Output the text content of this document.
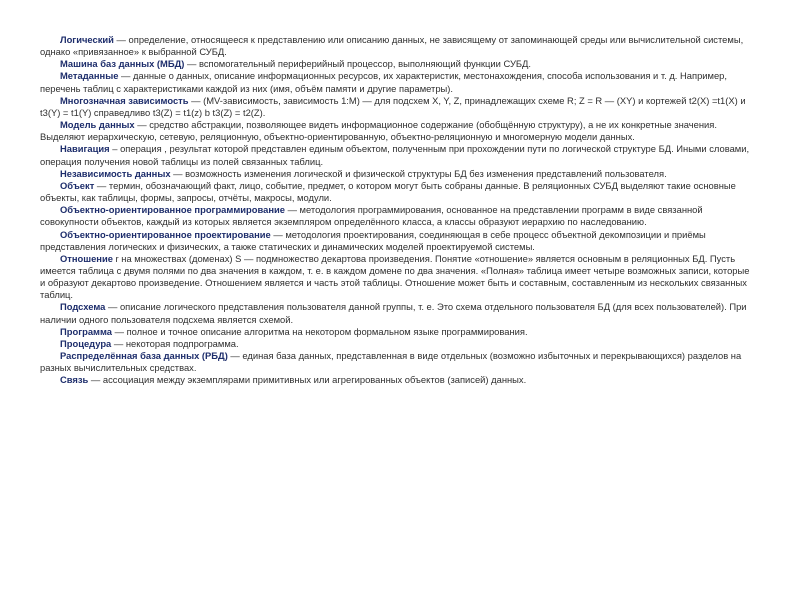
Логический — определение, относящееся к представлению или описанию данных, не зависящему от запоминающей среды или вычислительной системы, однако «привязанное» к выбранной СУБД.

Машина баз данных (МБД) — вспомогательный периферийный процессор, выполняющий функции СУБД.

Метаданные — данные о данных, описание информационных ресурсов, их характеристик, местонахождения, способа использования и т. д. Например, перечень таблиц с характеристиками каждой из них (имя, объём памяти и другие параметры).

Многозначная зависимость — (MV-зависимость, зависимость 1:M) — для подсхем X, Y, Z, принадлежащих схеме R; Z = R — (XY) и кортежей t2(X) =t1(X) и t3(Y) = t1(Y) справедливо t3(Z) = t1(z) b t3(Z) = t2(Z).

Модель данных — средство абстракции, позволяющее видеть информационное содержание (обобщённую структуру), а не их конкретные значения. Выделяют иерархическую, сетевую, реляционную, объектно-ориентированную, объектно-реляционную и многомерную модели данных.

Навигация – операция , результат которой представлен единым объектом, полученным при прохождении пути по логической структуре БД. Иными словами, операция получения новой таблицы из полей связанных таблиц.

Независимость данных — возможность изменения логической и физической структуры БД без изменения представлений пользователя.

Объект — термин, обозначающий факт, лицо, событие, предмет, о котором могут быть собраны данные. В реляционных СУБД выделяют такие основные объекты, как таблицы, формы, запросы, отчёты, макросы, модули.

Объектно-ориентированное программирование — методология программирования, основанное на представлении программ в виде связанной совокупности объектов, каждый из которых является экземпляром определённого класса, а классы образуют иерархию по наследованию.

Объектно-ориентированное проектирование — методология проектирования, соединяющая в себе процесс объектной декомпозиции и приёмы представления логических и физических, а также статических и динамических моделей проектируемой системы.

Отношение r на множествах (доменах) S — подмножество декартова произведения. Понятие «отношение» является основным в реляционных БД. Пусть имеется таблица с двумя полями по два значения в каждом, т. е. в каждом домене по два значения. «Полная» таблица имеет четыре возможных записи, которые и образуют декартово произведение. Отношением является и часть этой таблицы. Отношение может быть и составным, составленным из нескольких связанных таблиц.

Подсхема — описание логического представления пользователя данной группы, т. е. Это схема отдельного пользователя БД (для всех пользователей). При наличии одного пользователя подсхема является схемой.

Программа — полное и точное описание алгоритма на некотором формальном языке программирования.

Процедура — некоторая подпрограмма.

Распределённая база данных (РБД) — единая база данных, представленная в виде отдельных (возможно избыточных и перекрывающихся) разделов на разных вычислительных средствах.

Связь — ассоциация между экземплярами примитивных или агрегированных объектов (записей) данных.
